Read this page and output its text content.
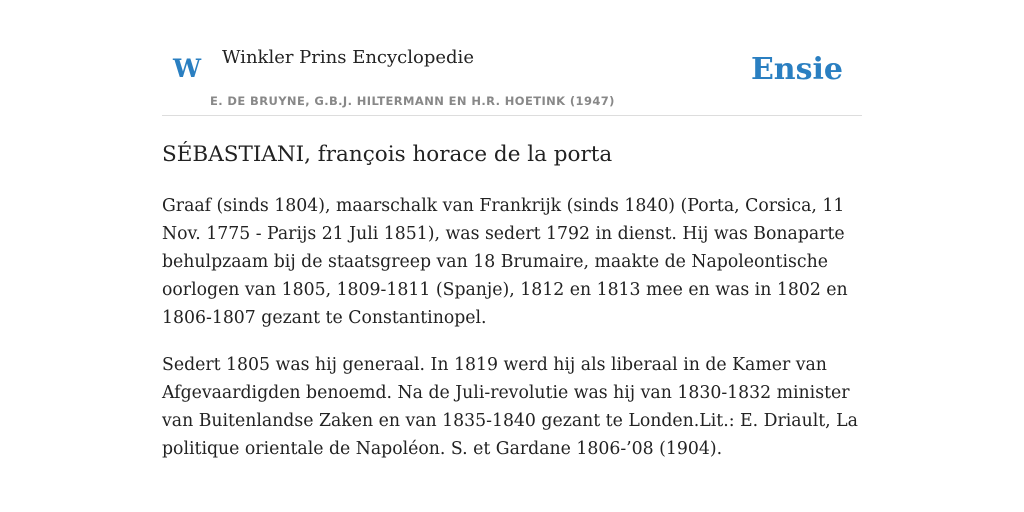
W Winkler Prins Encyclopedie
E. DE BRUYNE, G.B.J. HILTERMANN EN H.R. HOETINK (1947)
Ensie
SÉBASTIANI, françois horace de la porta

Graaf (sinds 1804), maarschalk van Frankrijk (sinds 1840) (Porta, Corsica, 11 Nov. 1775 - Parijs 21 Juli 1851), was sedert 1792 in dienst. Hij was Bonaparte behulpzaam bij de staatsgreep van 18 Brumaire, maakte de Napoleontische oorlogen van 1805, 1809-1811 (Spanje), 1812 en 1813 mee en was in 1802 en 1806-1807 gezant te Constantinopel.

Sedert 1805 was hij generaal. In 1819 werd hij als liberaal in de Kamer van Afgevaardigden benoemd. Na de Juli-revolutie was hij van 1830-1832 minister van Buitenlandse Zaken en van 1835-1840 gezant te Londen.Lit.: E. Driault, La politique orientale de Napoléon. S. et Gardane 1806-’08 (1904).
